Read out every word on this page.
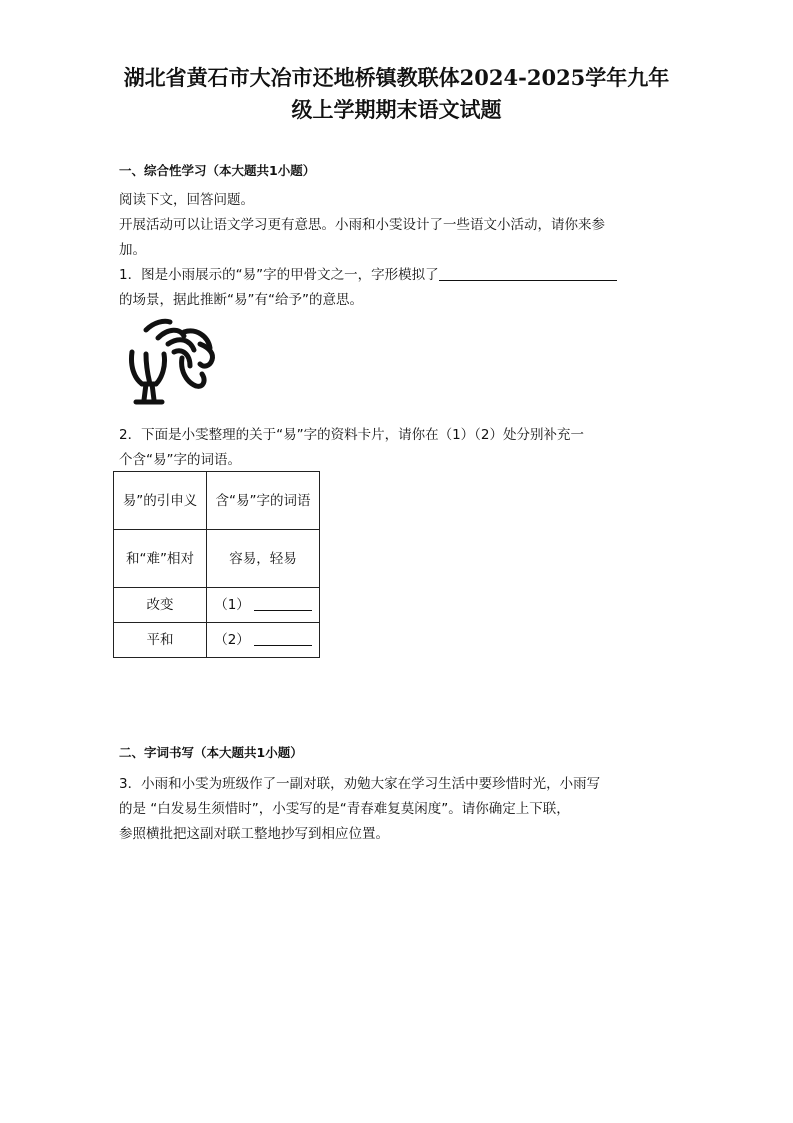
湖北省黄石市大冶市还地桥镇教联体2024-2025学年九年
级上学期期末语文试题
一、综合性学习（本大题共1小题）
阅读下文，回答问题。
开展活动可以让语文学习更有意思。小雨和小雯设计了一些语文小活动，请你来参
加。
1．图是小雨展示的“易”字的甲骨文之一，字形模拟了
的场景，据此推断“易”有“给予”的意思。
2．下面是小雯整理的关于“易”字的资料卡片，请你在（1）（2）处分别补充一
个含“易”字的词语。
易”的引申义	含“易”字的词语
和“难”相对	容易，轻易
改变	（1）
平和	（2）
二、字词书写（本大题共1小题）
3．小雨和小雯为班级作了一副对联，劝勉大家在学习生活中要珍惜时光，小雨写
的是 “白发易生须惜时”，小雯写的是“青春难复莫闲度”。请你确定上下联，
参照横批把这副对联工整地抄写到相应位置。
